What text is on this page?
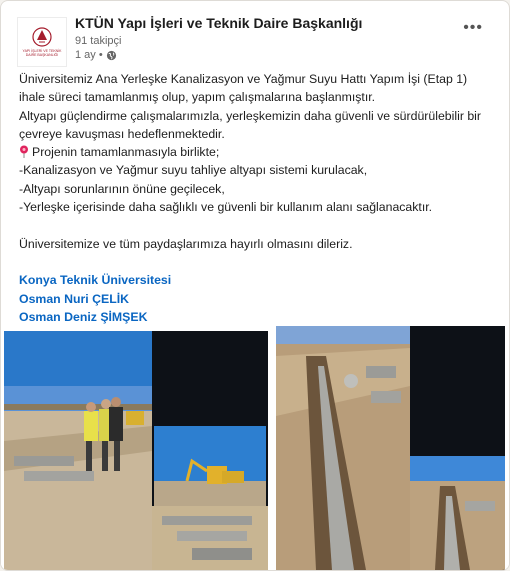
YAPI İŞLERİ VE TEKNİK DAİRE BAŞKANLIĞI
KTÜN Yapı İşleri ve Teknik Daire Başkanlığı
91 takipçi
1 ay •
•••

Üniversitemiz Ana Yerleşke Kanalizasyon ve Yağmur Suyu Hattı Yapım İşi (Etap 1)

ihale süreci tamamlanmış olup, yapım çalışmalarına başlanmıştır.

Altyapı güçlendirme çalışmalarımızla, yerleşkemizin daha güvenli ve sürdürülebilir bir

çevreye kavuşması hedeflenmektedir.

Projenin tamamlanmasıyla birlikte;

-Kanalizasyon ve Yağmur suyu tahliye altyapı sistemi kurulacak,

-Altyapı sorunlarının önüne geçilecek,

-Yerleşke içerisinde daha sağlıklı ve güvenli bir kullanım alanı sağlanacaktır.

Üniversitemize ve tüm paydaşlarımıza hayırlı olmasını dileriz.

Konya Teknik Üniversitesi

Osman Nuri ÇELİK

Osman Deniz ŞİMŞEK
